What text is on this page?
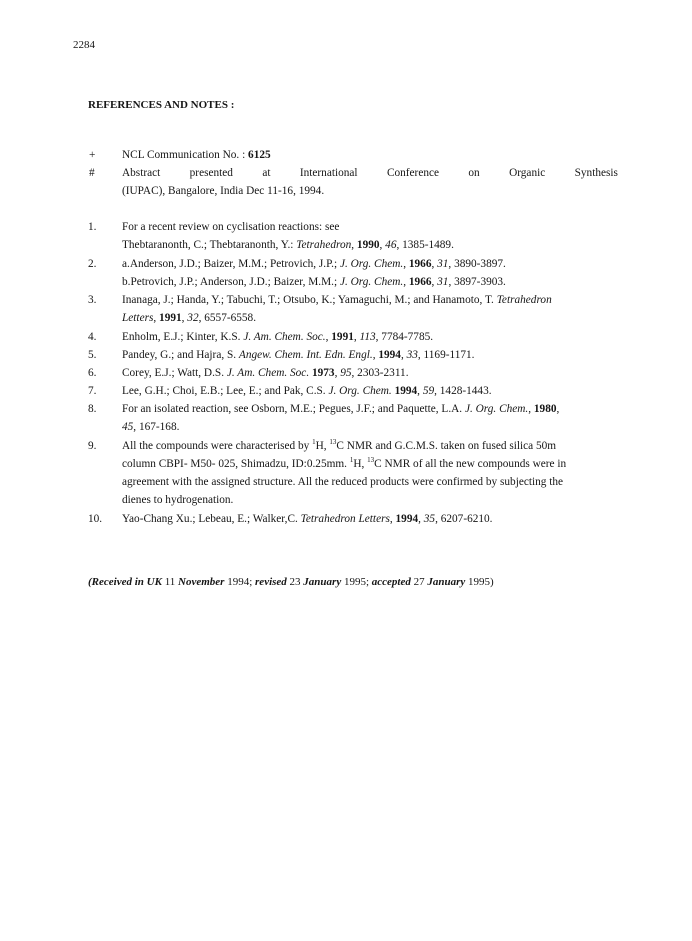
2284
REFERENCES AND NOTES :
+ NCL Communication No. : 6125
# Abstract	presented	at	International	Conference	on	Organic	Synthesis
(IUPAC), Bangalore, India Dec 11-16, 1994.
1. For a recent review on cyclisation reactions: see
Thebtaranonth, C.; Thebtaranonth, Y.: Tetrahedron, 1990, 46, 1385-1489.
2. a.Anderson, J.D.; Baizer, M.M.; Petrovich, J.P.; J. Org. Chem., 1966, 31, 3890-3897.
b.Petrovich, J.P.; Anderson, J.D.; Baizer, M.M.; J. Org. Chem., 1966, 31, 3897-3903.
3. Inanaga, J.; Handa, Y.; Tabuchi, T.; Otsubo, K.; Yamaguchi, M.; and Hanamoto, T. Tetrahedron
Letters, 1991, 32, 6557-6558.
4. Enholm, E.J.; Kinter, K.S. J. Am. Chem. Soc., 1991, 113, 7784-7785.
5. Pandey, G.; and Hajra, S. Angew. Chem. Int. Edn. Engl., 1994, 33, 1169-1171.
6. Corey, E.J.; Watt, D.S. J. Am. Chem. Soc. 1973, 95, 2303-2311.
7. Lee, G.H.; Choi, E.B.; Lee, E.; and Pak, C.S. J. Org. Chem. 1994, 59, 1428-1443.
8. For an isolated reaction, see Osborn, M.E.; Pegues, J.F.; and Paquette, L.A. J. Org. Chem., 1980,
45, 167-168.
9. All the compounds were characterised by $^1$H, $^{13}$C NMR and G.C.M.S. taken on fused silica 50m
column CBPI- M50- 025, Shimadzu, ID:0.25mm. $^1$H, $^{13}$C NMR of all the new compounds were in
agreement with the assigned structure. All the reduced products were confirmed by subjecting the
dienes to hydrogenation.
10. Yao-Chang Xu.; Lebeau, E.; Walker,C. Tetrahedron Letters, 1994, 35, 6207-6210.
(Received in UK 11 November 1994; revised 23 January 1995; accepted 27 January 1995)
